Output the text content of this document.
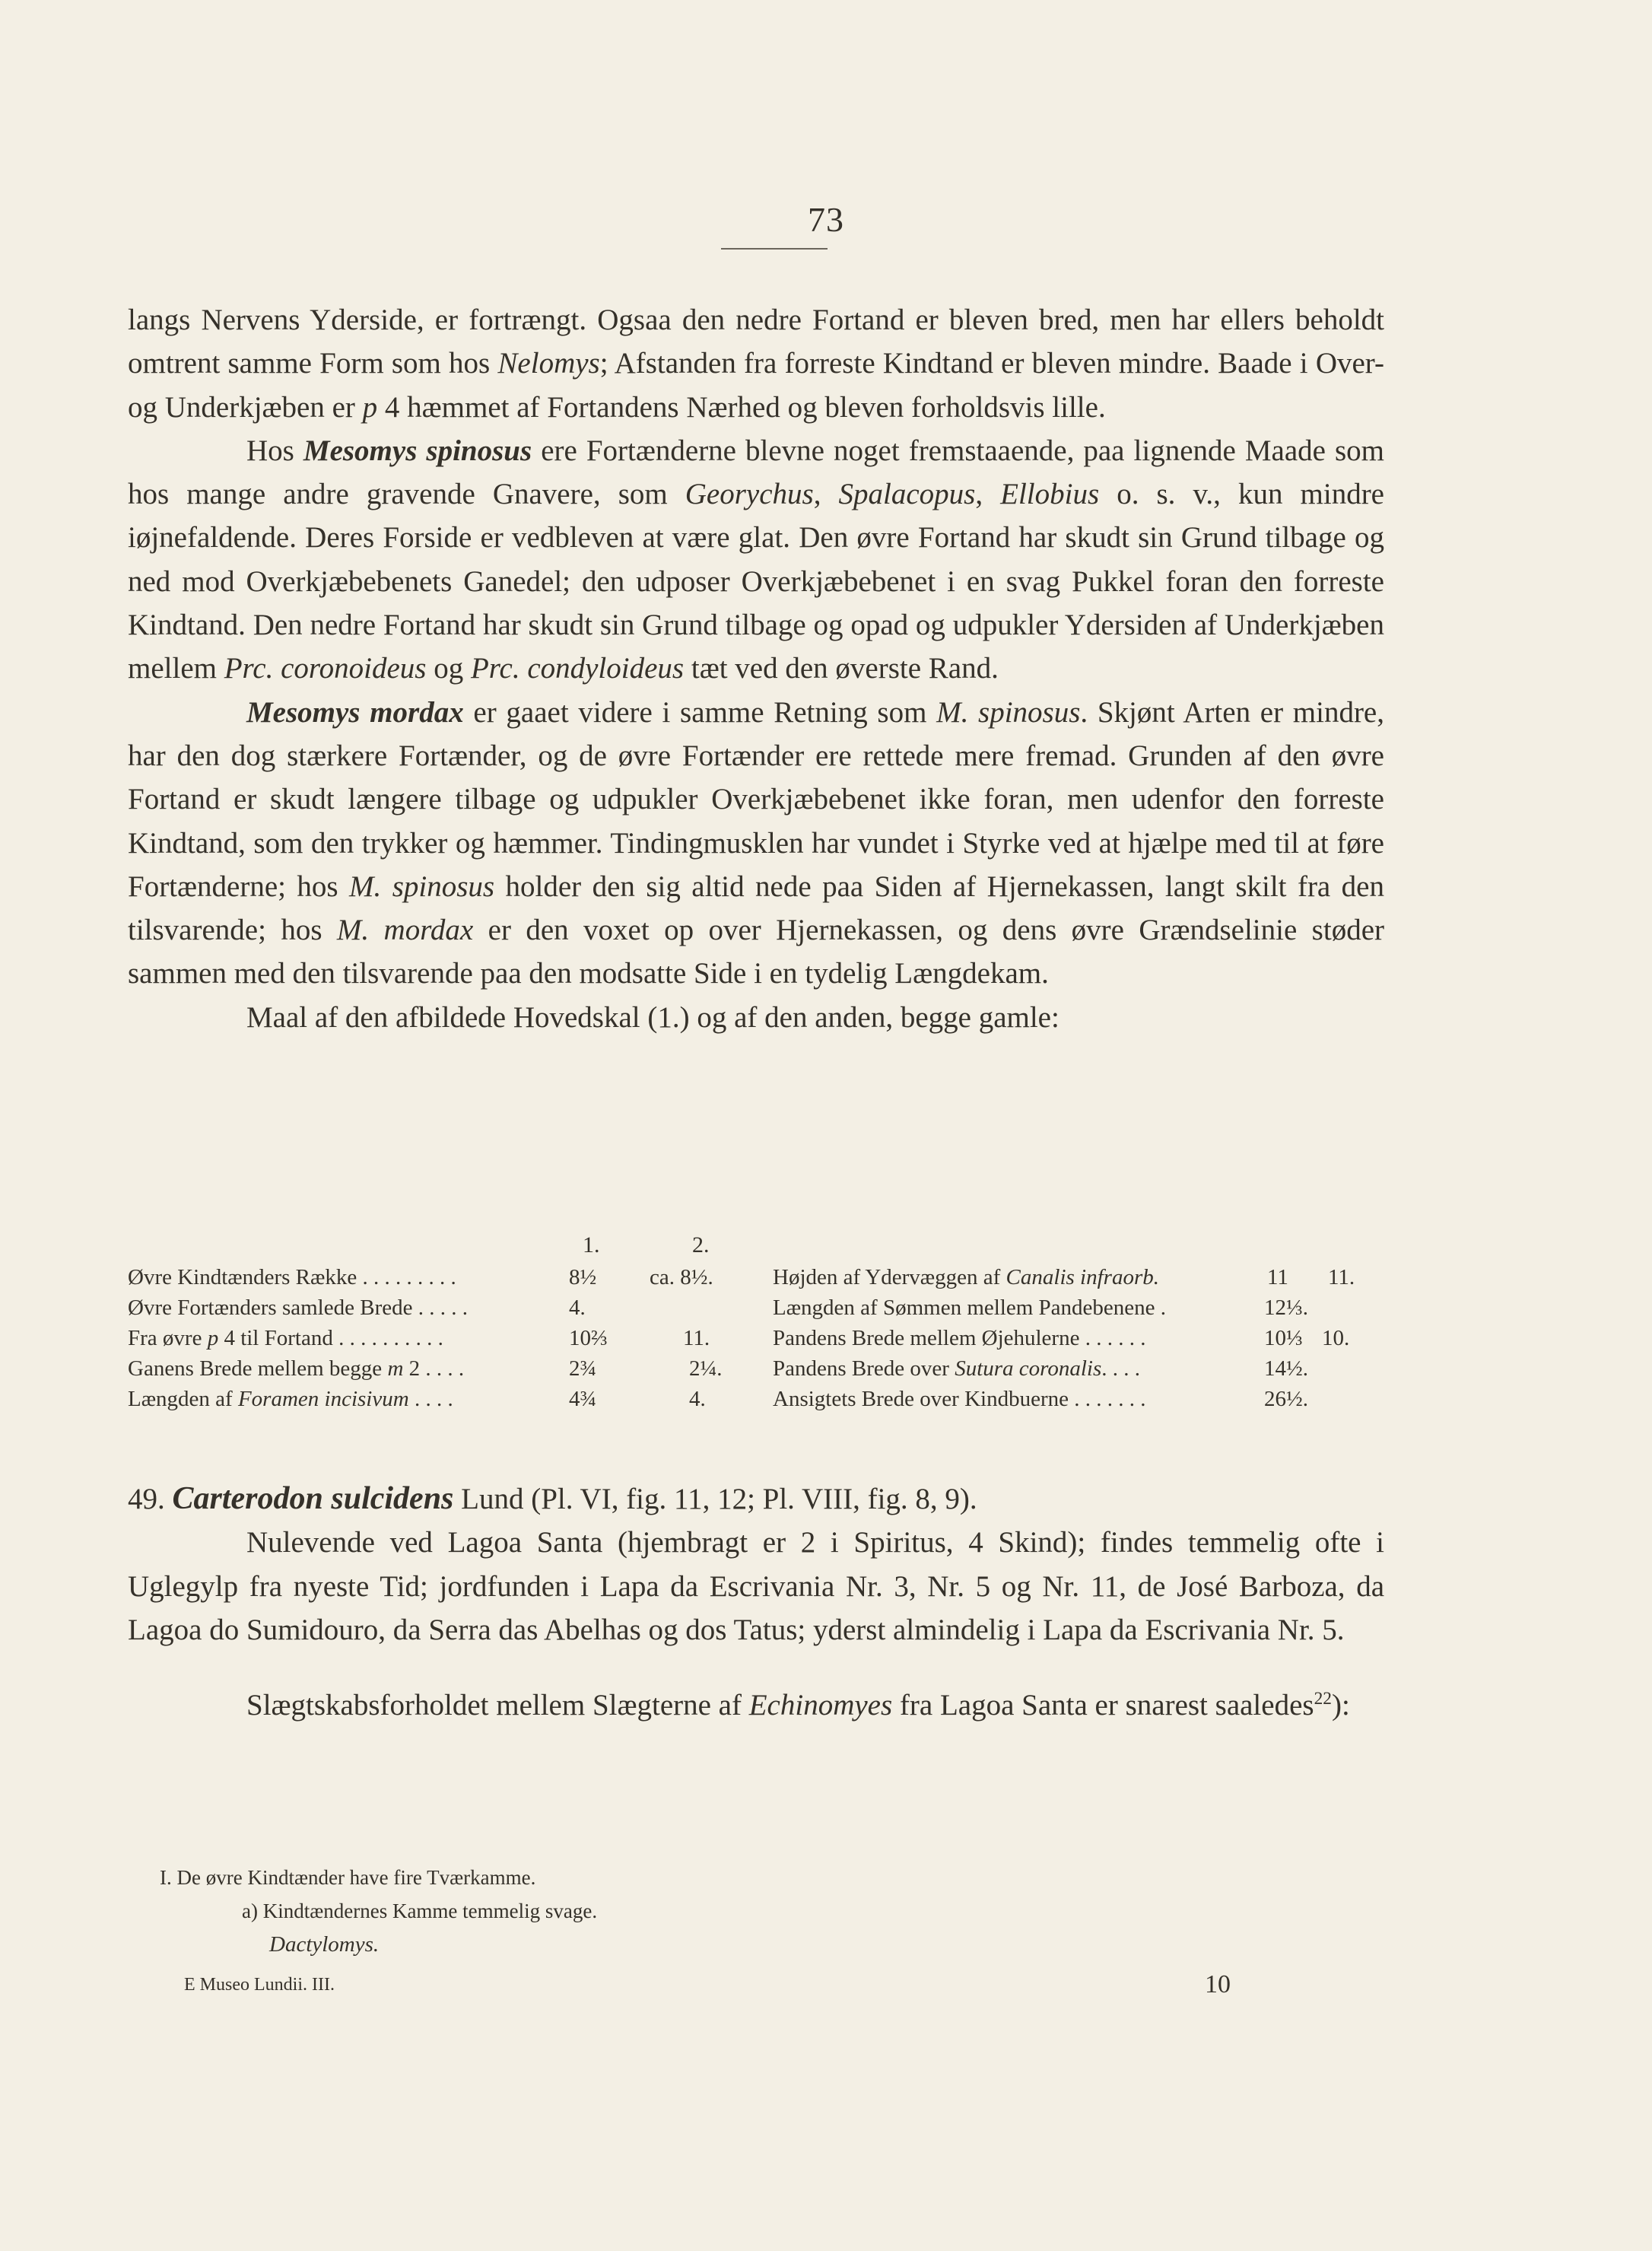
73

langs Nervens Yderside, er fortrængt. Ogsaa den nedre Fortand er bleven bred, men har ellers beholdt omtrent samme Form som hos Nelomys; Afstanden fra forreste Kindtand er bleven mindre. Baade i Over- og Underkjæben er p 4 hæmmet af Fortandens Nærhed og bleven forholdsvis lille.

Hos Mesomys spinosus ere Fortænderne blevne noget fremstaaende, paa lignende Maade som hos mange andre gravende Gnavere, som Georychus, Spalacopus, Ellobius o. s. v., kun mindre iøjnefaldende. Deres Forside er vedbleven at være glat. Den øvre Fortand har skudt sin Grund tilbage og ned mod Overkjæbebenets Ganedel; den udposer Overkjæbebenet i en svag Pukkel foran den forreste Kindtand. Den nedre Fortand har skudt sin Grund tilbage og opad og udpukler Ydersiden af Underkjæben mellem Prc. coronoideus og Prc. condyloideus tæt ved den øverste Rand.

Mesomys mordax er gaaet videre i samme Retning som M. spinosus. Skjønt Arten er mindre, har den dog stærkere Fortænder, og de øvre Fortænder ere rettede mere fremad. Grunden af den øvre Fortand er skudt længere tilbage og udpukler Overkjæbebenet ikke foran, men udenfor den forreste Kindtand, som den trykker og hæmmer. Tindingmusklen har vundet i Styrke ved at hjælpe med til at føre Fortænderne; hos M. spinosus holder den sig altid nede paa Siden af Hjernekassen, langt skilt fra den tilsvarende; hos M. mordax er den voxet op over Hjernekassen, og dens øvre Grændselinie støder sammen med den tilsvarende paa den modsatte Side i en tydelig Længdekam.

Maal af den afbildede Hovedskal (1.) og af den anden, begge gamle:

1.	2.
Øvre Kindtænders Række . . . . . . . . .	8½ ca. 8½.
Øvre Fortænders samlede Brede . . . . .	4.
Fra øvre p 4 til Fortand . . . . . . . . . .	10⅔	11.
Ganens Brede mellem begge m 2 . . . .	2¾	2¼.
Længden af Foramen incisivum . . . .	4¾	4.
Højden af Ydervæggen af Canalis infraorb.	11 11.
Længden af Sømmen mellem Pandebenene .	12⅓.
Pandens Brede mellem Øjehulerne . . . . . .	10⅓ 10.
Pandens Brede over Sutura coronalis. . . .	14½.
Ansigtets Brede over Kindbuerne . . . . . . .	26½.

49. Carterodon sulcidens Lund (Pl. VI, fig. 11, 12; Pl. VIII, fig. 8, 9).

Nulevende ved Lagoa Santa (hjembragt er 2 i Spiritus, 4 Skind); findes temmelig ofte i Uglegylp fra nyeste Tid; jordfunden i Lapa da Escrivania Nr. 3, Nr. 5 og Nr. 11, de José Barboza, da Lagoa do Sumidouro, da Serra das Abelhas og dos Tatus; yderst almindelig i Lapa da Escrivania Nr. 5.

Slægtskabsforholdet mellem Slægterne af Echinomyes fra Lagoa Santa er snarest saaledes$^{22}$):

I. De øvre Kindtænder have fire Tværkamme.
a) Kindtændernes Kamme temmelig svage.
Dactylomys.
E Museo Lundii. III.	10
